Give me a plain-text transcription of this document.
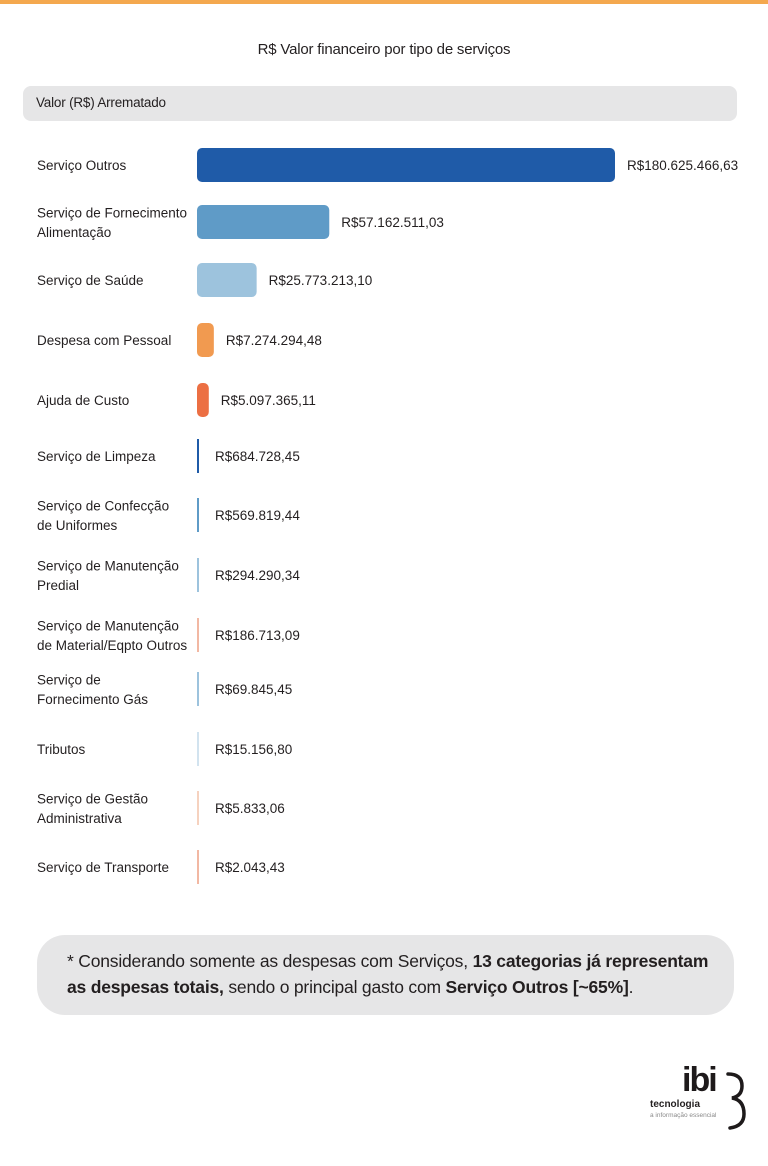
R$ Valor financeiro por tipo de serviços
Valor (R$) Arrematado
Serviço Outros	R$180.625.466,63
Serviço de Fornecimento Alimentação
R$57.162.511,03
Serviço de Saúde	R$25.773.213,10
Despesa com Pessoal	R$7.274.294,48
Ajuda de Custo	R$5.097.365,11
Serviço de Limpeza	R$684.728,45
Serviço de Confecção de Uniformes
R$569.819,44
Serviço de Manutenção Predial
R$294.290,34
Serviço de Manutenção de Material/Eqpto Outros
R$186.713,09
Serviço de Fornecimento Gás
R$69.845,45
Tributos	R$15.156,80
Serviço de Gestão Administrativa
R$5.833,06
Serviço de Transporte	R$2.043,43
* Considerando somente as despesas com Serviços, 13 categorias já representam as despesas totais, sendo o principal gasto com Serviço Outros [~65%].
ibi
tecnologia
a informação essencial
